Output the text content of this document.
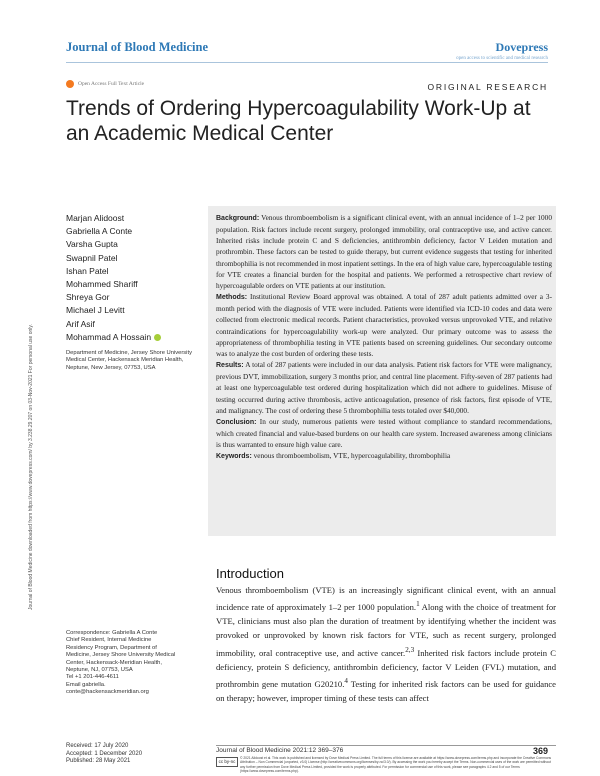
Journal of Blood Medicine	Dovepress
open access to scientific and medical research
Open Access Full Text Article	ORIGINAL RESEARCH
Trends of Ordering Hypercoagulability Work-Up at an Academic Medical Center
Journal of Blood Medicine downloaded from https://www.dovepress.com/ by 3.238.29.207 on 03-Nov-2021 For personal use only.
Marjan Alidoost
Gabriella A Conte
Varsha Gupta
Swapnil Patel
Ishan Patel
Mohammed Shariff
Shreya Gor
Michael J Levitt
Arif Asif
Mohammad A Hossain
Department of Medicine, Jersey Shore University Medical Center, Hackensack Meridian Health, Neptune, New Jersey, 07753, USA

Background: Venous thromboembolism is a significant clinical event, with an annual incidence of 1–2 per 1000 population. Risk factors include recent surgery, prolonged immobility, oral contraceptive use, and active cancer. Inherited risks include protein C and S deficiencies, antithrombin deficiency, factor V Leiden mutation and prothrombin. These factors can be tested to guide therapy, but current evidence suggests that testing for inherited thrombophilia is not recommended in most inpatient settings. In the era of high value care, hypercoagulable testing for VTE creates a financial burden for the hospital and patients. We performed a retrospective chart review of hypercoagulable orders on VTE patients at our institution.

Methods: Institutional Review Board approval was obtained. A total of 287 adult patients admitted over a 3-month period with the diagnosis of VTE were included. Patients were identified via ICD-10 codes and data were collected from electronic medical records. Patient characteristics, provoked versus unprovoked VTE, and relative contraindications for hypercoagulability work-up were analyzed. Our primary outcome was to assess the appropriateness of thrombophilia testing in VTE patients based on screening guidelines. Our secondary outcome was to analyze the cost burden of ordering these tests.

Results: A total of 287 patients were included in our data analysis. Patient risk factors for VTE were malignancy, previous DVT, immobilization, surgery 3 months prior, and central line placement. Fifty-seven of 287 patients had at least one hypercoagulable test ordered during hospitalization which did not adhere to guidelines. Misuse of testing occurred during active thrombosis, active anticoagulation, presence of risk factors, first episode of VTE, and malignancy. The cost of ordering these 5 thrombophilia tests totaled over $40,000.

Conclusion: In our study, numerous patients were tested without compliance to standard recommendations, which created financial and value-based burdens on our health care system. Increased awareness among clinicians is thus warranted to ensure high value care.

Keywords: venous thromboembolism, VTE, hypercoagulability, thrombophilia

Introduction

Venous thromboembolism (VTE) is an increasingly significant clinical event, with an annual incidence rate of approximately 1–2 per 1000 population.$^1$ Along with the choice of treatment for VTE, clinicians must also plan the duration of treatment by identifying whether the incident was provoked or unprovoked by known risk factors for VTE, such as recent surgery, prolonged immobility, oral contraceptive use, and active cancer.$^{2,3}$ Inherited risk factors include protein C deficiency, protein S deficiency, antithrombin deficiency, factor V Leiden (FVL) mutation, and prothrombin gene mutation G20210.$^4$ Testing for inherited risk factors can be used for guidance on therapy; however, improper timing of these tests can affect

Correspondence: Gabriella A Conte
Chief Resident, Internal Medicine
Residency Program, Department of
Medicine, Jersey Shore University Medical
Center, Hackensack-Meridian Health,
Neptune, NJ, 07753, USA
Tel +1 201-446-4611
Email gabriella.
conte@hackensackmeridian.org
Received: 17 July 2020
Accepted: 1 December 2020
Published: 28 May 2021
Journal of Blood Medicine 2021:12 369–376	369
cc by-nc
© 2021 Alidoost et al. This work is published and licensed by Dove Medical Press Limited. The full terms of this license are available at https://www.dovepress.com/terms.php and incorporate the Creative Commons Attribution – Non Commercial (unported, v3.0) License (http://creativecommons.org/licenses/by-nc/3.0/). By accessing the work you hereby accept the Terms. Non-commercial uses of the work are permitted without any further permission from Dove Medical Press Limited, provided the work is properly attributed. For permission for commercial use of this work, please see paragraphs 4.2 and 5 of our Terms (https://www.dovepress.com/terms.php).
